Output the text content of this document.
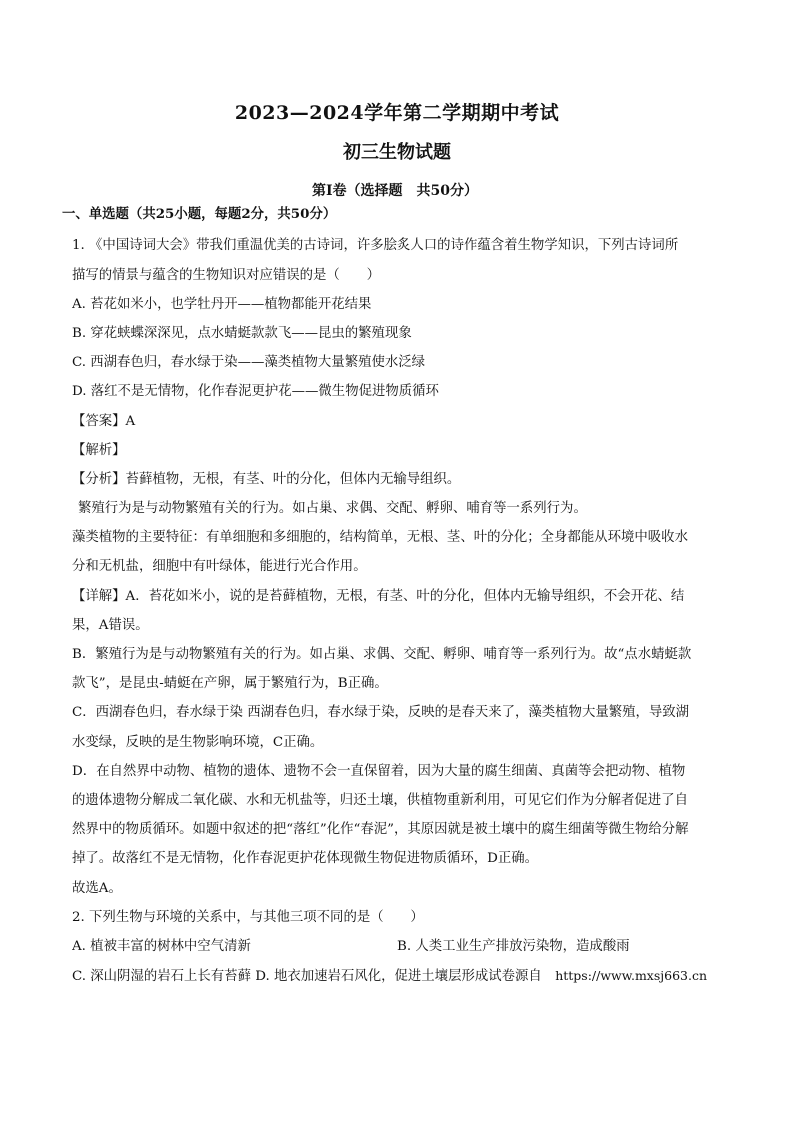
2023—2024学年第二学期期中考试
初三生物试题
第Ⅰ卷（选择题　共50分）
一、单选题（共25小题，每题2分，共50分）
1. 《中国诗词大会》带我们重温优美的古诗词，许多脍炙人口的诗作蕴含着生物学知识，下列古诗词所
描写的情景与蕴含的生物知识对应错误的是（　　）
A. 苔花如米小，也学牡丹开——植物都能开花结果
B. 穿花蛱蝶深深见，点水蜻蜓款款飞——昆虫的繁殖现象
C. 西湖春色归，春水绿于染——藻类植物大量繁殖使水泛绿
D. 落红不是无情物，化作春泥更护花——微生物促进物质循环
【答案】A
【解析】
【分析】苔藓植物，无根，有茎、叶的分化，但体内无输导组织。
繁殖行为是与动物繁殖有关的行为。如占巢、求偶、交配、孵卵、哺育等一系列行为。
藻类植物的主要特征：有单细胞和多细胞的，结构简单，无根、茎、叶的分化；全身都能从环境中吸收水
分和无机盐，细胞中有叶绿体，能进行光合作用。
【详解】A．苔花如米小，说的是苔藓植物，无根，有茎、叶的分化，但体内无输导组织，不会开花、结
果，A错误。
B．繁殖行为是与动物繁殖有关的行为。如占巢、求偶、交配、孵卵、哺育等一系列行为。故“点水蜻蜓款
款飞”，是昆虫-蜻蜓在产卵，属于繁殖行为，B正确。
C．西湖春色归，春水绿于染 西湖春色归，春水绿于染，反映的是春天来了，藻类植物大量繁殖，导致湖
水变绿，反映的是生物影响环境，C正确。
D．在自然界中动物、植物的遗体、遗物不会一直保留着，因为大量的腐生细菌、真菌等会把动物、植物
的遗体遗物分解成二氧化碳、水和无机盐等，归还土壤，供植物重新利用，可见它们作为分解者促进了自
然界中的物质循环。如题中叙述的把“落红”化作“春泥”，其原因就是被土壤中的腐生细菌等微生物给分解
掉了。故落红不是无情物，化作春泥更护花体现微生物促进物质循环，D正确。
故选A。
2. 下列生物与环境的关系中，与其他三项不同的是（　　）
A. 植被丰富的树林中空气清新	B. 人类工业生产排放污染物，造成酸雨
C. 深山阴湿的岩石上长有苔藓 D. 地衣加速岩石风化，促进土壤层形成试卷源自　https://www.mxsj663.cn
